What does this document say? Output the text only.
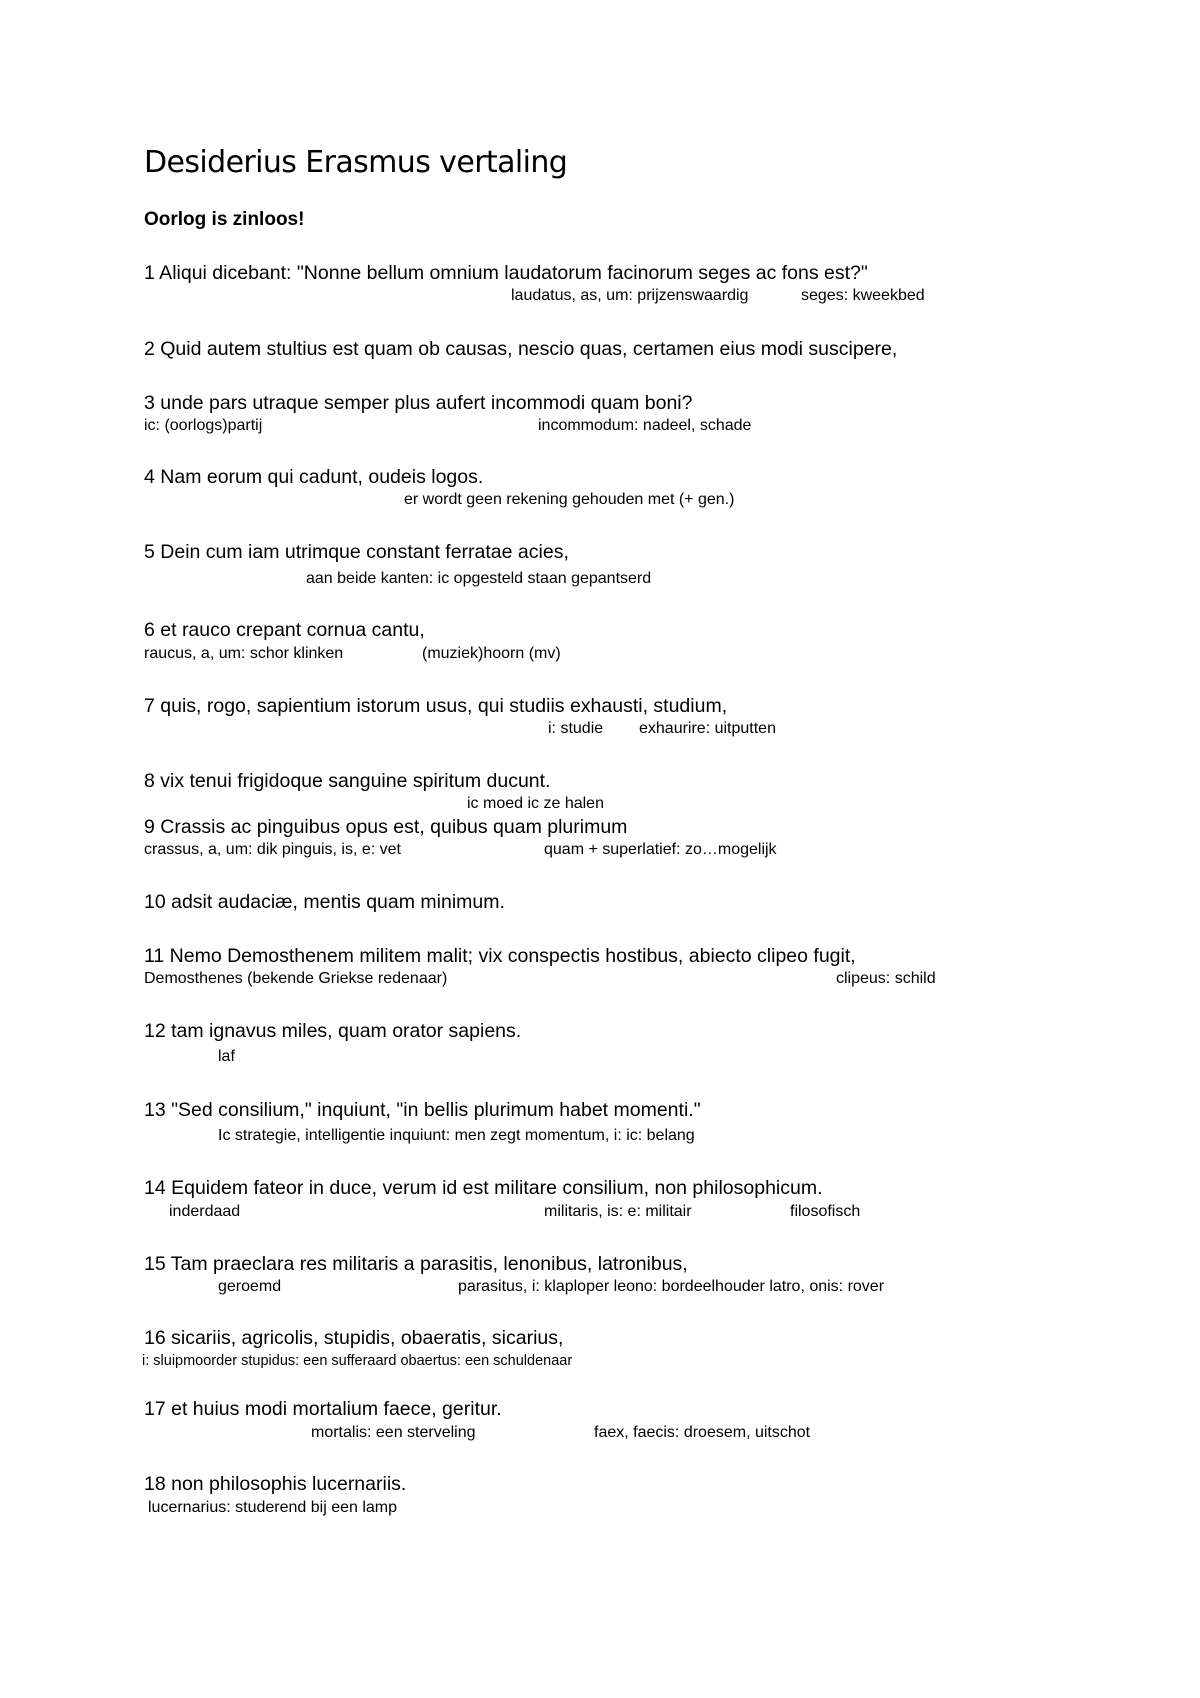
Desiderius Erasmus vertaling
Oorlog is zinloos!
1 Aliqui dicebant: "Nonne bellum omnium laudatorum facinorum seges ac fons est?"
laudatus, as, um: prijzenswaardig	seges: kweekbed
2 Quid autem stultius est quam ob causas, nescio quas, certamen eius modi suscipere,
3 unde pars utraque semper plus aufert incommodi quam boni?
ic: (oorlogs)partij	incommodum: nadeel, schade
4 Nam eorum qui cadunt, oudeis logos.
er wordt geen rekening gehouden met (+ gen.)
5 Dein cum iam utrimque constant ferratae acies,
aan beide kanten: ic opgesteld staan gepantserd
6 et rauco crepant cornua cantu,
raucus, a, um: schor klinken	(muziek)hoorn (mv)
7 quis, rogo, sapientium istorum usus, qui studiis exhausti, studium,
i: studie exhaurire: uitputten
8 vix tenui frigidoque sanguine spiritum ducunt.
ic moed ic ze halen
9 Crassis ac pinguibus opus est, quibus quam plurimum
crassus, a, um: dik pinguis, is, e: vet	quam + superlatief: zo…mogelijk
10 adsit audaciæ, mentis quam minimum.
11 Nemo Demosthenem militem malit; vix conspectis hostibus, abiecto clipeo fugit,
Demosthenes (bekende Griekse redenaar)	clipeus: schild
12 tam ignavus miles, quam orator sapiens.
laf
13 "Sed consilium," inquiunt, "in bellis plurimum habet momenti."
Ic strategie, intelligentie inquiunt: men zegt momentum, i: ic: belang
14 Equidem fateor in duce, verum id est militare consilium, non philosophicum.
inderdaad	militaris, is: e: militair	filosofisch
15 Tam praeclara res militaris a parasitis, lenonibus, latronibus,
geroemd	parasitus, i: klaploper leono: bordeelhouder latro, onis: rover
16 sicariis, agricolis, stupidis, obaeratis, sicarius,
i: sluipmoorder stupidus: een sufferaard obaertus: een schuldenaar
17 et huius modi mortalium faece, geritur.
mortalis: een sterveling	faex, faecis: droesem, uitschot
18 non philosophis lucernariis.
lucernarius: studerend bij een lamp
